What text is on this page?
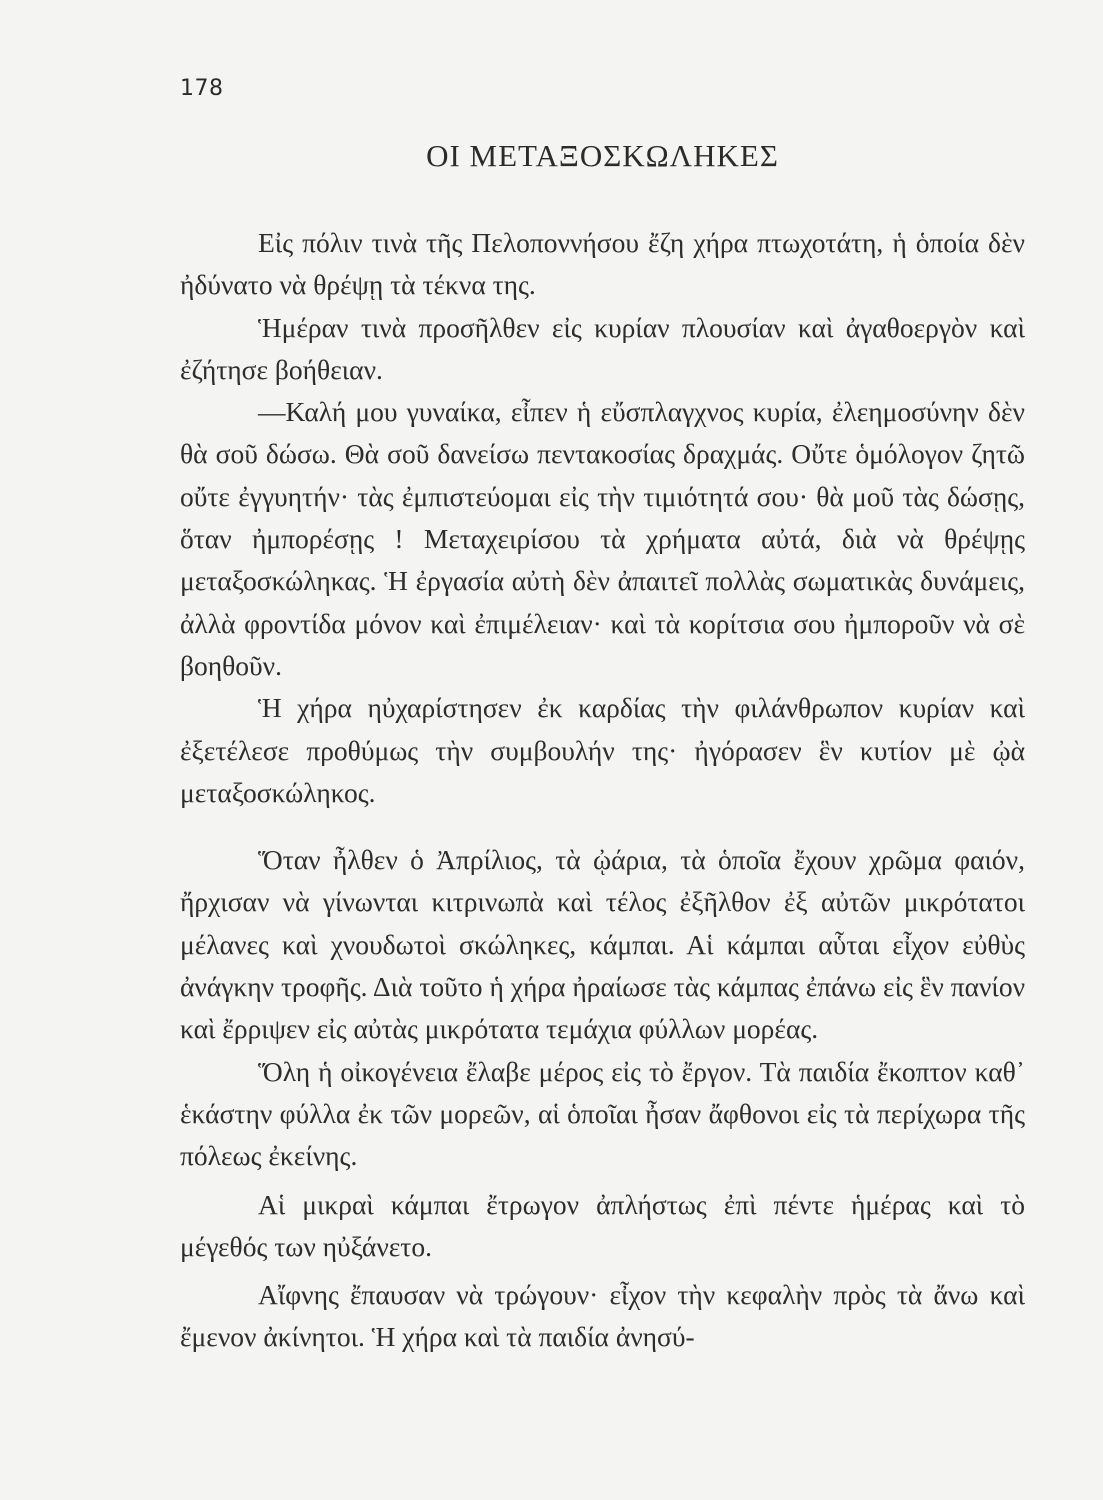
178
ΟΙ ΜΕΤΑΞΟΣΚΩΛΗΚΕΣ

Εἰς πόλιν τινὰ τῆς Πελοποννήσου ἔζη χήρα πτωχοτάτη, ἡ ὁποία δὲν ἠδύνατο νὰ θρέψῃ τὰ τέκνα της.

Ἡμέραν τινὰ προσῆλθεν εἰς κυρίαν πλουσίαν καὶ ἀγαθοεργὸν καὶ ἐζήτησε βοήθειαν.

—Καλή μου γυναίκα, εἶπεν ἡ εὔσπλαγχνος κυρία, ἐλεημοσύνην δὲν θὰ σοῦ δώσω. Θὰ σοῦ δανείσω πεντακοσίας δραχμάς. Οὔτε ὁμόλογον ζητῶ οὔτε ἐγγυητήν· τὰς ἐμπιστεύομαι εἰς τὴν τιμιότητά σου· θὰ μοῦ τὰς δώσῃς, ὅταν ἠμπορέσῃς ! Μεταχειρίσου τὰ χρήματα αὐτά, διὰ νὰ θρέψῃς μεταξοσκώληκας. Ἡ ἐργασία αὐτὴ δὲν ἀπαιτεῖ πολλὰς σωματικὰς δυνάμεις, ἀλλὰ φροντίδα μόνον καὶ ἐπιμέλειαν· καὶ τὰ κορίτσια σου ἠμποροῦν νὰ σὲ βοηθοῦν.

Ἡ χήρα ηὐχαρίστησεν ἐκ καρδίας τὴν φιλάνθρωπον κυρίαν καὶ ἐξετέλεσε προθύμως τὴν συμβουλήν της· ἠγόρασεν ἓν κυτίον μὲ ᾠὰ μεταξοσκώληκος.

Ὅταν ἦλθεν ὁ Ἀπρίλιος, τὰ ᾠάρια, τὰ ὁποῖα ἔχουν χρῶμα φαιόν, ἤρχισαν νὰ γίνωνται κιτρινωπὰ καὶ τέλος ἐξῆλθον ἐξ αὐτῶν μικρότατοι μέλανες καὶ χνουδωτοὶ σκώληκες, κάμπαι. Αἱ κάμπαι αὗται εἶχον εὐθὺς ἀνάγκην τροφῆς. Διὰ τοῦτο ἡ χήρα ἠραίωσε τὰς κάμπας ἐπάνω εἰς ἓν πανίον καὶ ἔρριψεν εἰς αὐτὰς μικρότατα τεμάχια φύλλων μορέας.

Ὅλη ἡ οἰκογένεια ἔλαβε μέρος εἰς τὸ ἔργον. Τὰ παιδία ἔκοπτον καθ᾿ ἑκάστην φύλλα ἐκ τῶν μορεῶν, αἱ ὁποῖαι ἦσαν ἄφθονοι εἰς τὰ περίχωρα τῆς πόλεως ἐκείνης.

Αἱ μικραὶ κάμπαι ἔτρωγον ἀπλήστως ἐπὶ πέντε ἡμέρας καὶ τὸ μέγεθός των ηὐξάνετο.

Αἴφνης ἔπαυσαν νὰ τρώγουν· εἶχον τὴν κεφαλὴν πρὸς τὰ ἄνω καὶ ἔμενον ἀκίνητοι. Ἡ χήρα καὶ τὰ παιδία ἀνησύ-
